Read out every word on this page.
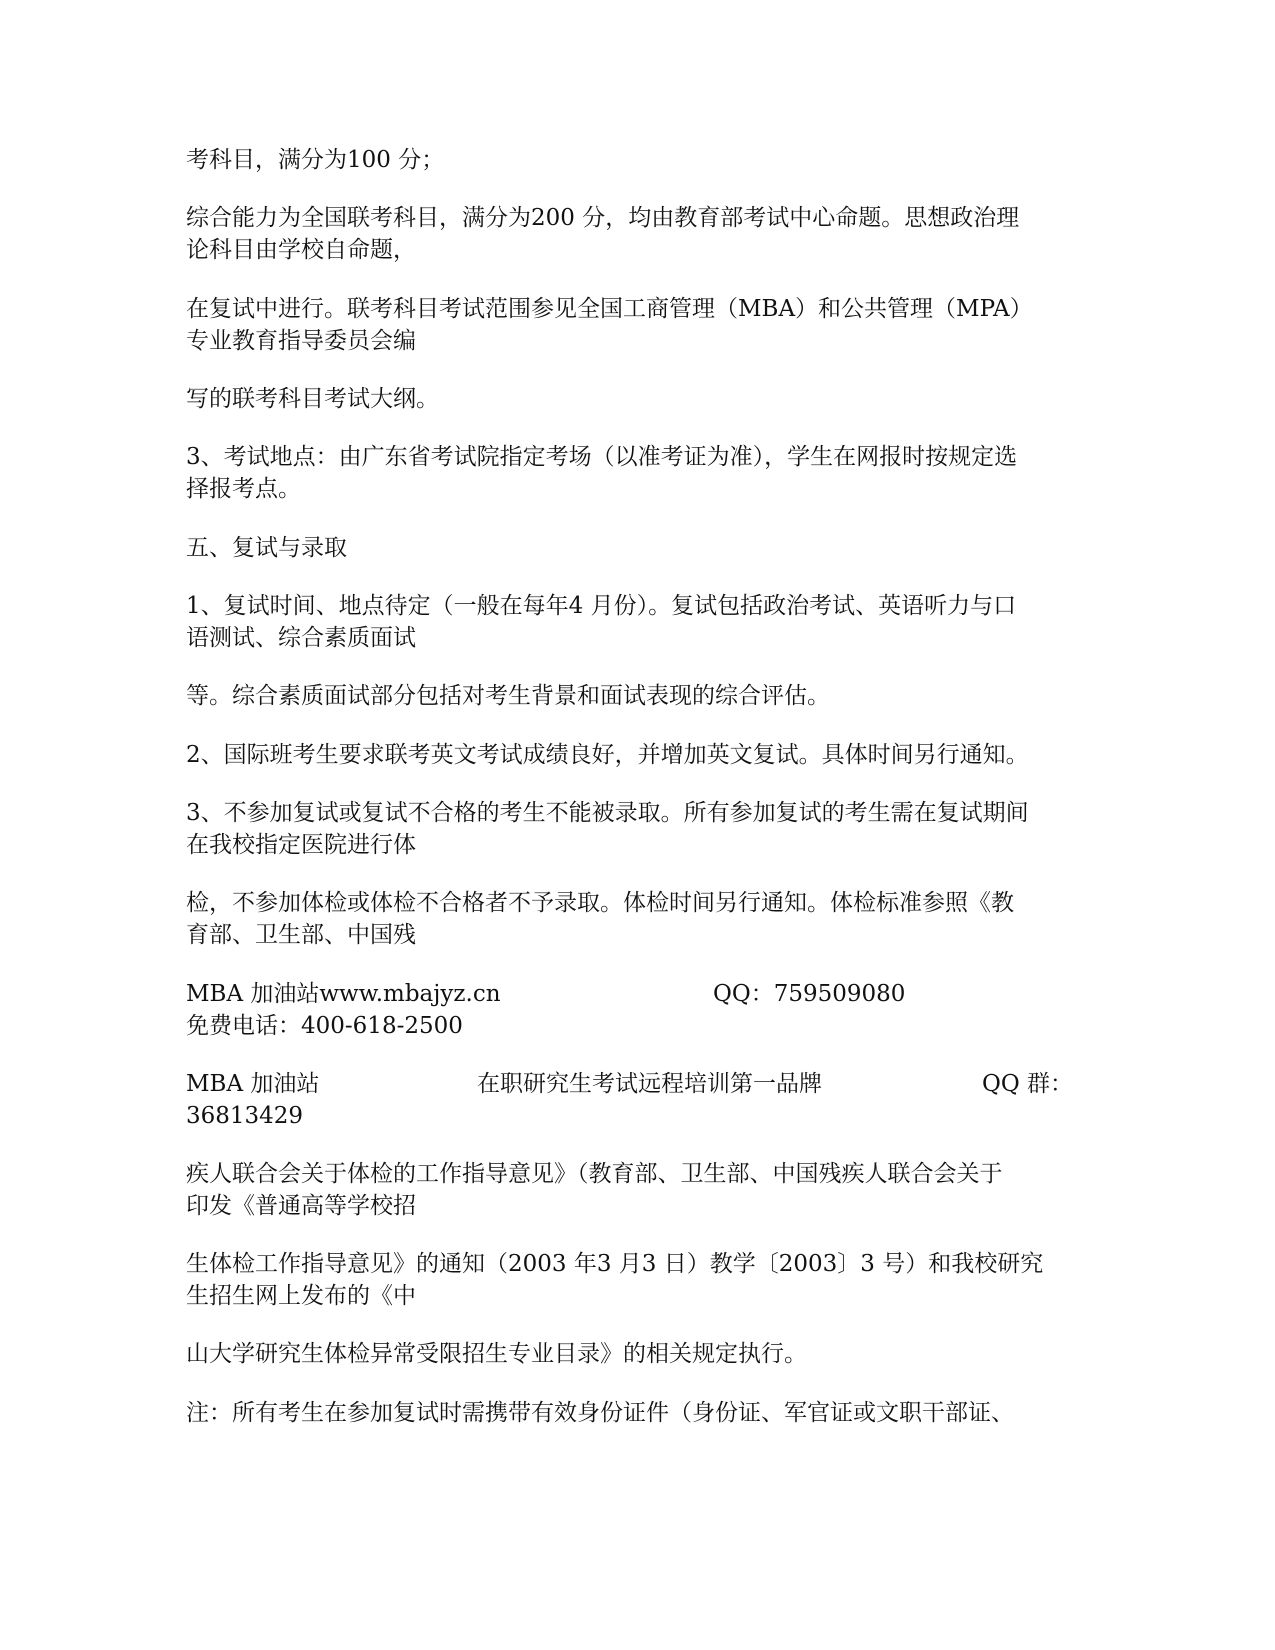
考科目，满分为100 分；
综合能力为全国联考科目，满分为200 分，均由教育部考试中心命题。思想政治理
论科目由学校自命题，
在复试中进行。联考科目考试范围参见全国工商管理（MBA）和公共管理（MPA）
专业教育指导委员会编
写的联考科目考试大纲。
3、考试地点：由广东省考试院指定考场（以准考证为准），学生在网报时按规定选
择报考点。
五、复试与录取
1、复试时间、地点待定（一般在每年4 月份）。复试包括政治考试、英语听力与口
语测试、综合素质面试
等。综合素质面试部分包括对考生背景和面试表现的综合评估。
2、国际班考生要求联考英文考试成绩良好，并增加英文复试。具体时间另行通知。
3、不参加复试或复试不合格的考生不能被录取。所有参加复试的考生需在复试期间
在我校指定医院进行体
检，不参加体检或体检不合格者不予录取。体检时间另行通知。体检标准参照《教
育部、卫生部、中国残
MBA 加油站www.mbajyz.cn	QQ：759509080
免费电话：400-618-2500
MBA 加油站	在职研究生考试远程培训第一品牌	QQ 群：
36813429
疾人联合会关于体检的工作指导意见》（教育部、卫生部、中国残疾人联合会关于
印发《普通高等学校招
生体检工作指导意见》的通知（2003 年3 月3 日）教学〔2003〕3 号）和我校研究
生招生网上发布的《中
山大学研究生体检异常受限招生专业目录》的相关规定执行。
注：所有考生在参加复试时需携带有效身份证件（身份证、军官证或文职干部证、
